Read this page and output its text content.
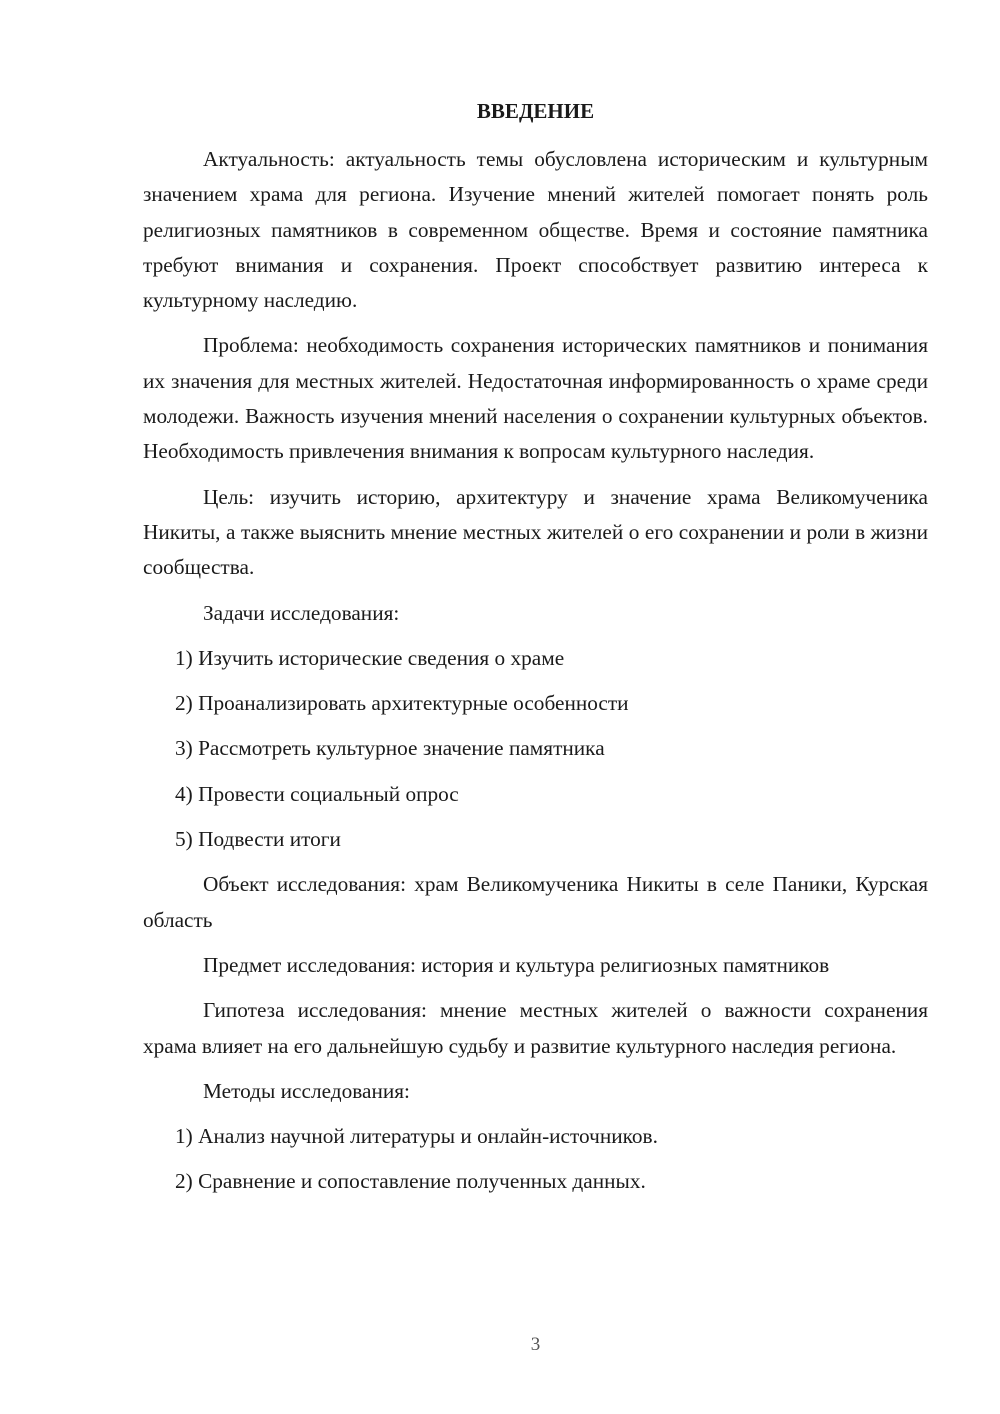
ВВЕДЕНИЕ

Актуальность: актуальность темы обусловлена историческим и культурным значением храма для региона. Изучение мнений жителей помогает понять роль религиозных памятников в современном обществе. Время и состояние памятника требуют внимания и сохранения. Проект способствует развитию интереса к культурному наследию.

Проблема: необходимость сохранения исторических памятников и понимания их значения для местных жителей. Недостаточная информированность о храме среди молодежи. Важность изучения мнений населения о сохранении культурных объектов. Необходимость привлечения внимания к вопросам культурного наследия.

Цель: изучить историю, архитектуру и значение храма Великомученика Никиты, а также выяснить мнение местных жителей о его сохранении и роли в жизни сообщества.

Задачи исследования:

1) Изучить исторические сведения о храме

2) Проанализировать архитектурные особенности

3) Рассмотреть культурное значение памятника

4) Провести социальный опрос

5) Подвести итоги

Объект исследования: храм Великомученика Никиты в селе Паники, Курская область

Предмет исследования: история и культура религиозных памятников

Гипотеза исследования: мнение местных жителей о важности сохранения храма влияет на его дальнейшую судьбу и развитие культурного наследия региона.

Методы исследования:

1) Анализ научной литературы и онлайн-источников.

2) Сравнение и сопоставление полученных данных.

3
